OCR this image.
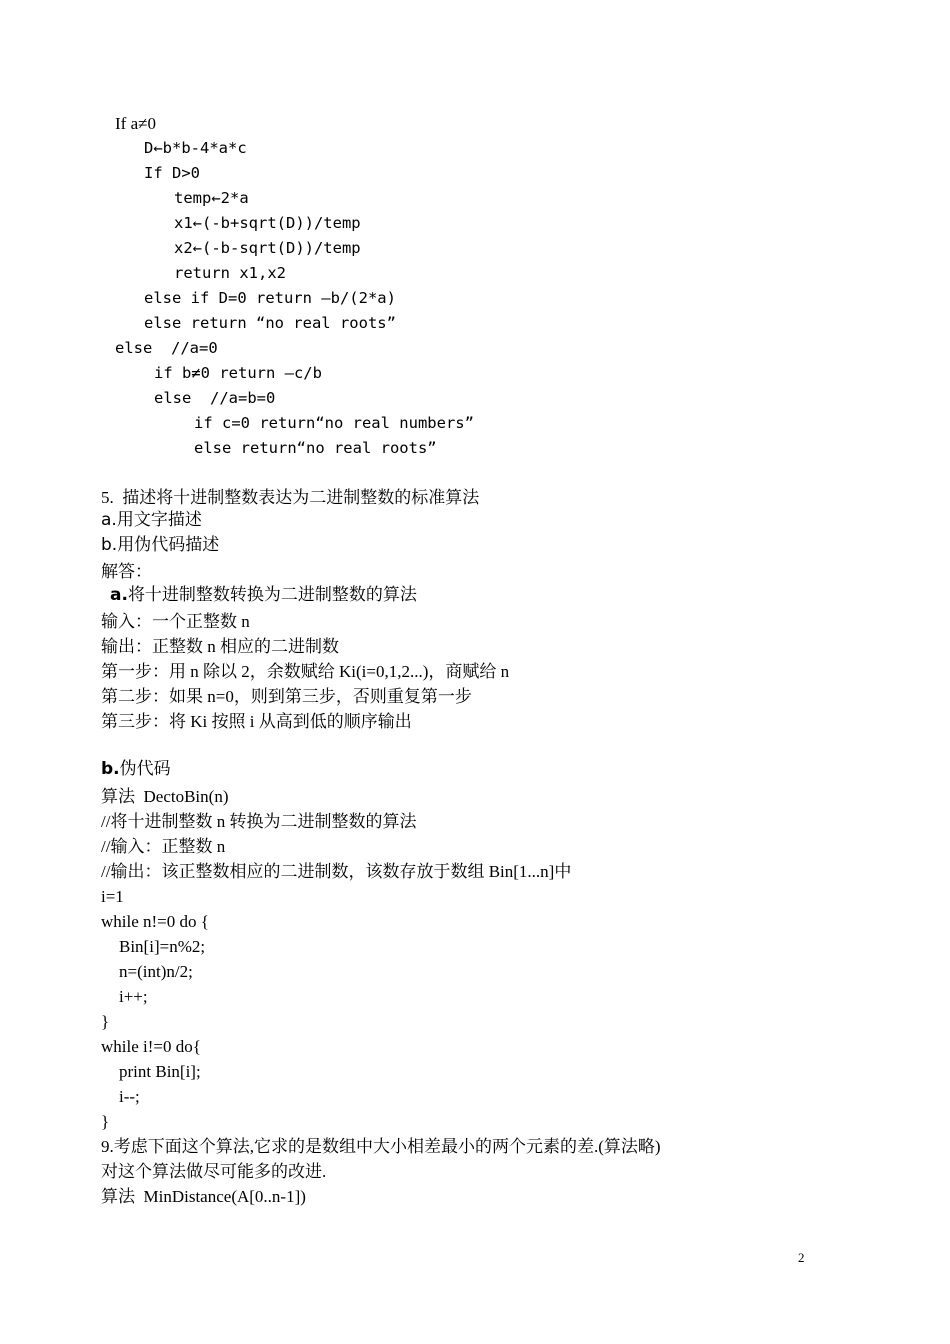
If a≠0
D←b*b-4*a*c
If D>0
temp←2*a
x1←(-b+sqrt(D))/temp
x2←(-b-sqrt(D))/temp
return x1,x2
else if D=0 return –b/(2*a)
else return “no real roots”
else  //a=0
if b≠0 return –c/b
else  //a=b=0
if c=0 return“no real numbers”
else return“no real roots”
5.  描述将十进制整数表达为二进制整数的标准算法
a.用文字描述
b.用伪代码描述
解答：
a.将十进制整数转换为二进制整数的算法
输入：一个正整数 n
输出：正整数 n 相应的二进制数
第一步：用 n 除以 2，余数赋给 Ki(i=0,1,2...)，商赋给 n
第二步：如果 n=0，则到第三步，否则重复第一步
第三步：将 Ki 按照 i 从高到低的顺序输出
b.伪代码
算法  DectoBin(n)
//将十进制整数 n 转换为二进制整数的算法
//输入：正整数 n
//输出：该正整数相应的二进制数，该数存放于数组 Bin[1...n]中
i=1
while n!=0 do {
Bin[i]=n%2;
n=(int)n/2;
i++;
}
while i!=0 do{
print Bin[i];
i--;
}
9.考虑下面这个算法,它求的是数组中大小相差最小的两个元素的差.(算法略)
对这个算法做尽可能多的改进.
算法  MinDistance(A[0..n-1])
2
